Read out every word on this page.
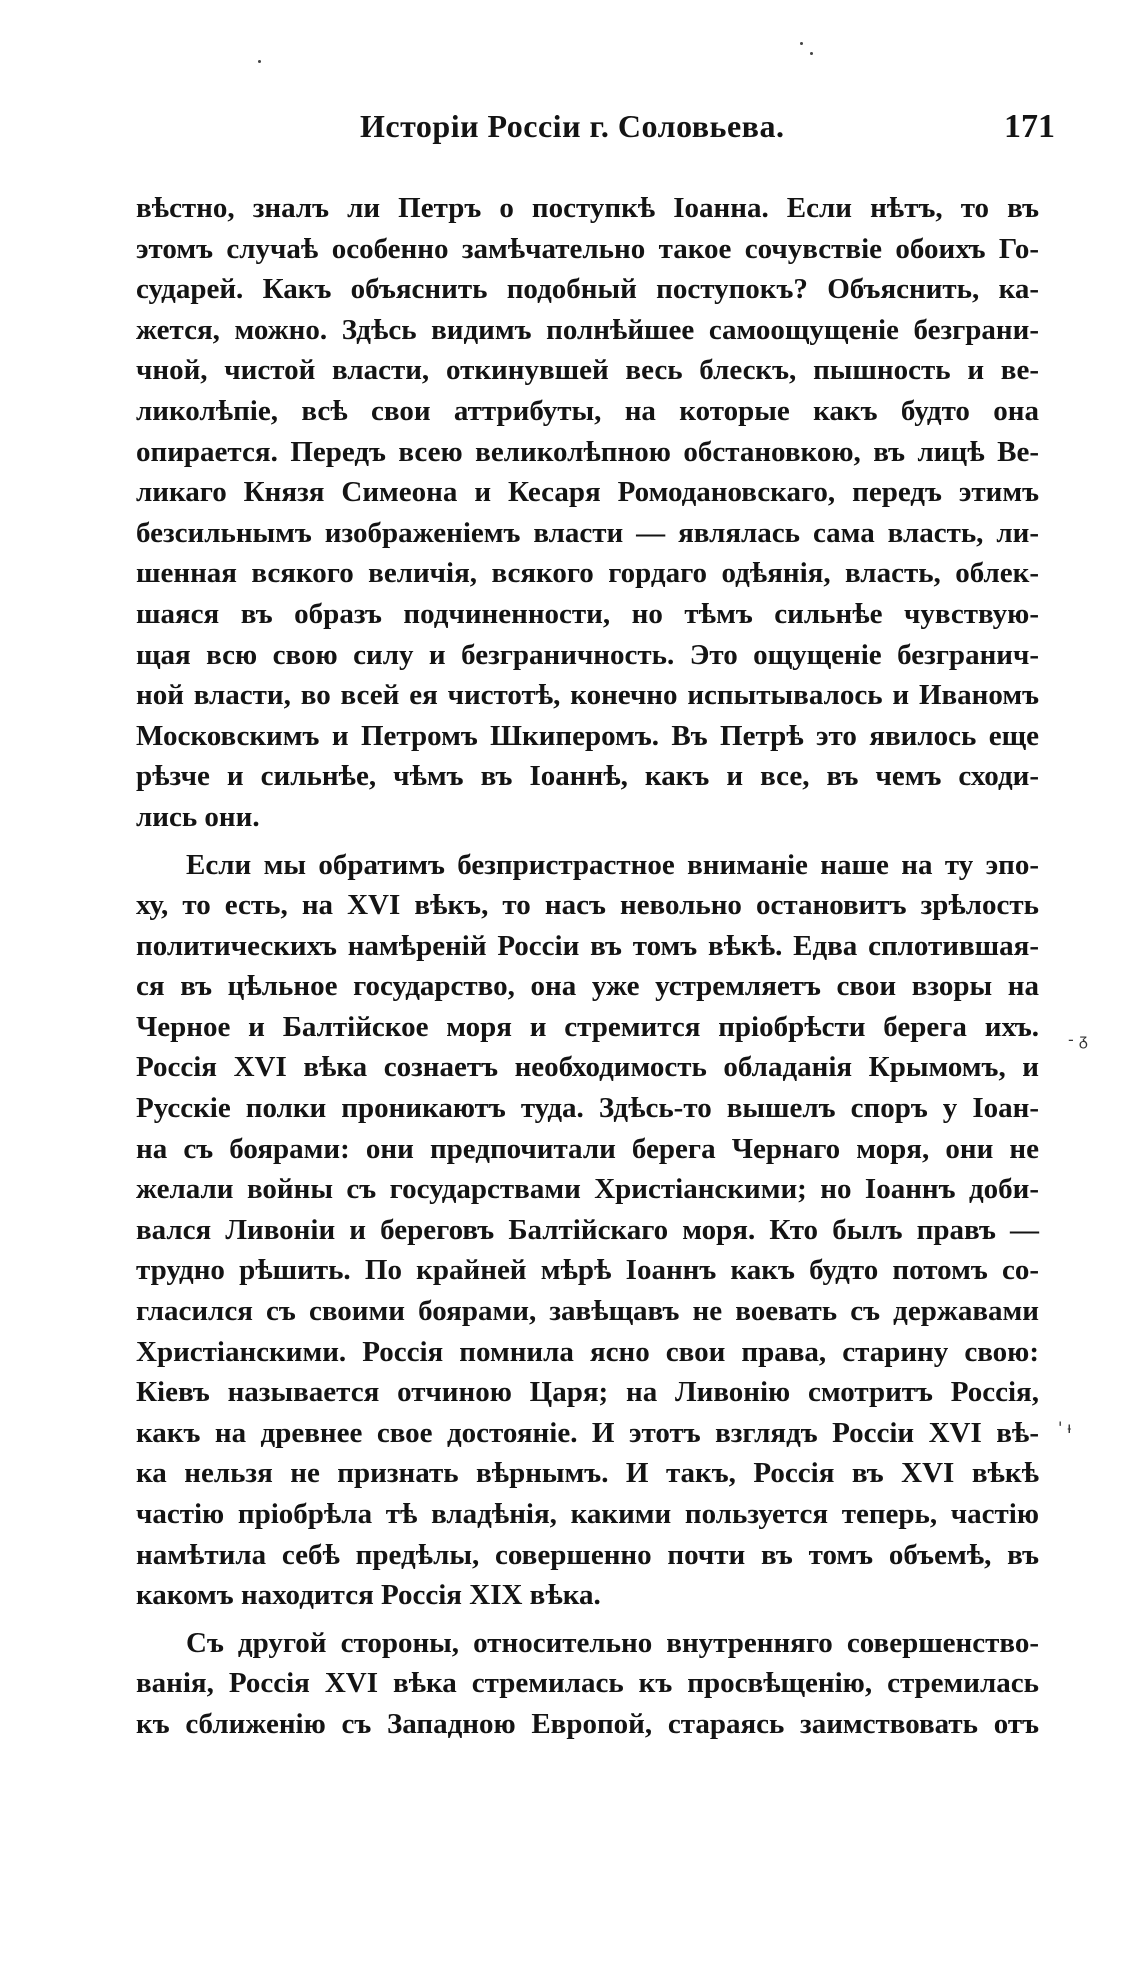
Исторiи Россiи г. Соловьева.	171
вѣстно, зналъ ли Петръ о поступкѣ Іоанна. Если нѣтъ, то въ
этомъ случаѣ особенно замѣчательно такое сочувствіе обоихъ Го-
сударей. Какъ объяснить подобный поступокъ? Объяснить, ка-
жется, можно. Здѣсь видимъ полнѣйшее самоощущеніе безграни-
чной, чистой власти, откинувшей весь блескъ, пышность и ве-
ликолѣпіе, всѣ свои аттрибуты, на которые какъ будто она
опирается. Передъ всею великолѣпною обстановкою, въ лицѣ Ве-
ликаго Князя Симеона и Кесаря Ромодановскаго, передъ этимъ
безсильнымъ изображеніемъ власти — являлась сама власть, ли-
шенная всякого величія, всякого гордаго одѣянія, власть, облек-
шаяся въ образъ подчиненности, но тѣмъ сильнѣе чувствую-
щая всю свою силу и безграничность. Это ощущеніе безгранич-
ной власти, во всей ея чистотѣ, конечно испытывалось и Иваномъ
Московскимъ и Петромъ Шкиперомъ. Въ Петрѣ это явилось еще
рѣзче и сильнѣе, чѣмъ въ Іоаннѣ, какъ и все, въ чемъ сходи-
лись они.
Если мы обратимъ безпристрастное вниманіе наше на ту эпо-
ху, то есть, на XVI вѣкъ, то насъ невольно остановитъ зрѣлость
политическихъ намѣреній Россіи въ томъ вѣкѣ. Едва сплотившая-
ся въ цѣльное государство, она уже устремляетъ свои взоры на
Черное и Балтійское моря и стремится пріобрѣсти берега ихъ.
Россія XVI вѣка сознаетъ необходимость обладанія Крымомъ, и
Русскіе полки проникаютъ туда. Здѣсь-то вышелъ споръ у Іоан-
на съ боярами: они предпочитали берега Чернаго моря, они не
желали войны съ государствами Христіанскими; но Іоаннъ доби-
вался Ливоніи и береговъ Балтійскаго моря. Кто былъ правъ —
трудно рѣшить. По крайней мѣрѣ Іоаннъ какъ будто потомъ со-
гласился съ своими боярами, завѣщавъ не воевать съ державами
Христіанскими. Россія помнила ясно свои права, старину свою:
Кіевъ называется отчиною Царя; на Ливонію смотритъ Россія,
какъ на древнее свое достояніе. И этотъ взглядъ Россіи XVI вѣ-
ка нельзя не признать вѣрнымъ. И такъ, Россія въ XVI вѣкѣ
частію пріобрѣла тѣ владѣнія, какими пользуется теперь, частію
намѣтила себѣ предѣлы, совершенно почти въ томъ объемѣ, въ
какомъ находится Россія XIX вѣка.
Съ другой стороны, относительно внутренняго совершенство-
ванія, Россія XVI вѣка стремилась къ просвѣщенію, стремилась
къ сближенію съ Западною Европой, стараясь заимствовать отъ
- ᵹ
' ᵼ
